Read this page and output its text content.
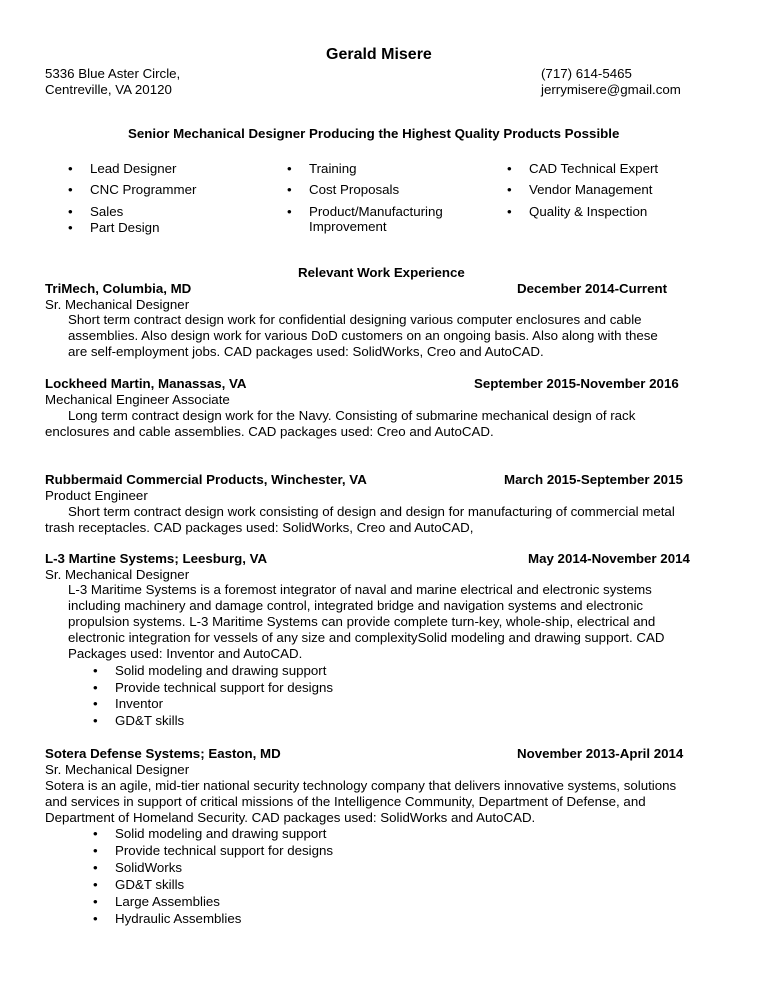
Gerald Misere
5336 Blue Aster Circle,
Centreville, VA 20120
(717) 614-5465
jerrymisere@gmail.com
Senior Mechanical Designer Producing the Highest Quality Products Possible
• Lead Designer
• CNC Programmer
• Sales
• Part Design
• Training
• Cost Proposals
• Product/Manufacturing
Improvement
• CAD Technical Expert
• Vendor Management
• Quality & Inspection
Relevant Work Experience
TriMech, Columbia, MD	December 2014-Current
Sr. Mechanical Designer
Short term contract design work for confidential designing various computer enclosures and cable
assemblies. Also design work for various DoD customers on an ongoing basis. Also along with these
are self-employment jobs. CAD packages used: SolidWorks, Creo and AutoCAD.
Lockheed Martin, Manassas, VA	September 2015-November 2016
Mechanical Engineer Associate
Long term contract design work for the Navy. Consisting of submarine mechanical design of rack
enclosures and cable assemblies. CAD packages used: Creo and AutoCAD.
Rubbermaid Commercial Products, Winchester, VA	March 2015-September 2015
Product Engineer
Short term contract design work consisting of design and design for manufacturing of commercial metal
trash receptacles. CAD packages used: SolidWorks, Creo and AutoCAD,
L-3 Martine Systems; Leesburg, VA	May 2014-November 2014
Sr. Mechanical Designer
L-3 Maritime Systems is a foremost integrator of naval and marine electrical and electronic systems
including machinery and damage control, integrated bridge and navigation systems and electronic
propulsion systems. L-3 Maritime Systems can provide complete turn-key, whole-ship, electrical and
electronic integration for vessels of any size and complexitySolid modeling and drawing support. CAD
Packages used: Inventor and AutoCAD.
• Solid modeling and drawing support
• Provide technical support for designs
• Inventor
• GD&T skills
Sotera Defense Systems; Easton, MD	November 2013-April 2014
Sr. Mechanical Designer
Sotera is an agile, mid-tier national security technology company that delivers innovative systems, solutions
and services in support of critical missions of the Intelligence Community, Department of Defense, and
Department of Homeland Security. CAD packages used: SolidWorks and AutoCAD.
• Solid modeling and drawing support
• Provide technical support for designs
• SolidWorks
• GD&T skills
• Large Assemblies
• Hydraulic Assemblies
